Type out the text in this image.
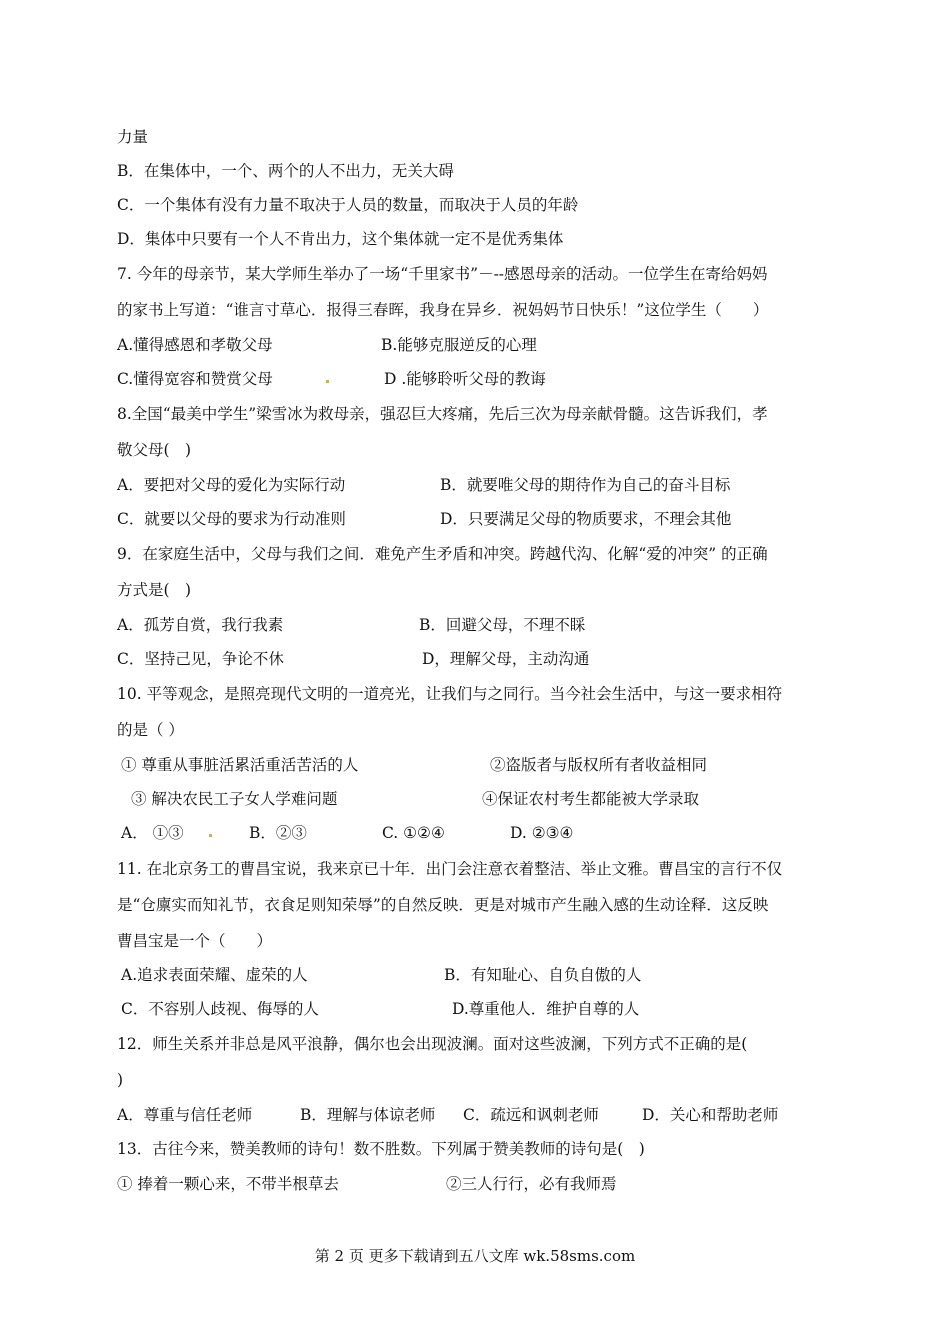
力量
B．在集体中，一个、两个的人不出力，无关大碍
C．一个集体有没有力量不取决于人员的数量，而取决于人员的年龄
D．集体中只要有一个人不肯出力，这个集体就一定不是优秀集体
7. 今年的母亲节，某大学师生举办了一场“千里家书”－--感恩母亲的活动。一位学生在寄给妈妈
的家书上写道：“谁言寸草心．报得三春晖，我身在异乡．祝妈妈节日快乐！”这位学生（　　）
A.懂得感恩和孝敬父母	B.能够克服逆反的心理
C.懂得宽容和赞赏父母	D .能够聆听父母的教诲
8.全国“最美中学生”梁雪冰为救母亲，强忍巨大疼痛，先后三次为母亲献骨髓。这告诉我们，孝
敬父母(　)
A．要把对父母的爱化为实际行动	B．就要唯父母的期待作为自己的奋斗目标
C．就要以父母的要求为行动准则	D．只要满足父母的物质要求，不理会其他
9．在家庭生活中，父母与我们之间．难免产生矛盾和冲突。跨越代沟、化解“爱的冲突” 的正确
方式是(　)
A．孤芳自赏，我行我素	B．回避父母，不理不睬
C．坚持己见，争论不休	D，理解父母，主动沟通
10. 平等观念，是照亮现代文明的一道亮光，让我们与之同行。当今社会生活中，与这一要求相符
的是（ ）
① 尊重从事脏活累活重活苦活的人	②盗版者与版权所有者收益相同
③ 解决农民工子女人学难问题	④保证农村考生都能被大学录取
A． ①③	B．②③	C. ①②④	D. ②③④
11. 在北京务工的曹昌宝说，我来京已十年．出门会注意衣着整洁、举止文雅。曹昌宝的言行不仅
是“仓廪实而知礼节，衣食足则知荣辱”的自然反映．更是对城市产生融入感的生动诠释．这反映
曹昌宝是一个（　　）
A.追求表面荣耀、虚荣的人	B．有知耻心、自负自傲的人
C．不容别人歧视、侮辱的人	D.尊重他人．维护自尊的人
12．师生关系并非总是风平浪静，偶尔也会出现波澜。面对这些波澜，下列方式不正确的是(
)
A．尊重与信任老师	B．理解与体谅老师 C．疏远和讽刺老师	D．关心和帮助老师
13．古往今来，赞美教师的诗句！数不胜数。下列属于赞美教师的诗句是(　)
① 捧着一颗心来，不带半根草去	②三人行行，必有我师焉
第 2 页 更多下载请到五八文库 wk.58sms.com
